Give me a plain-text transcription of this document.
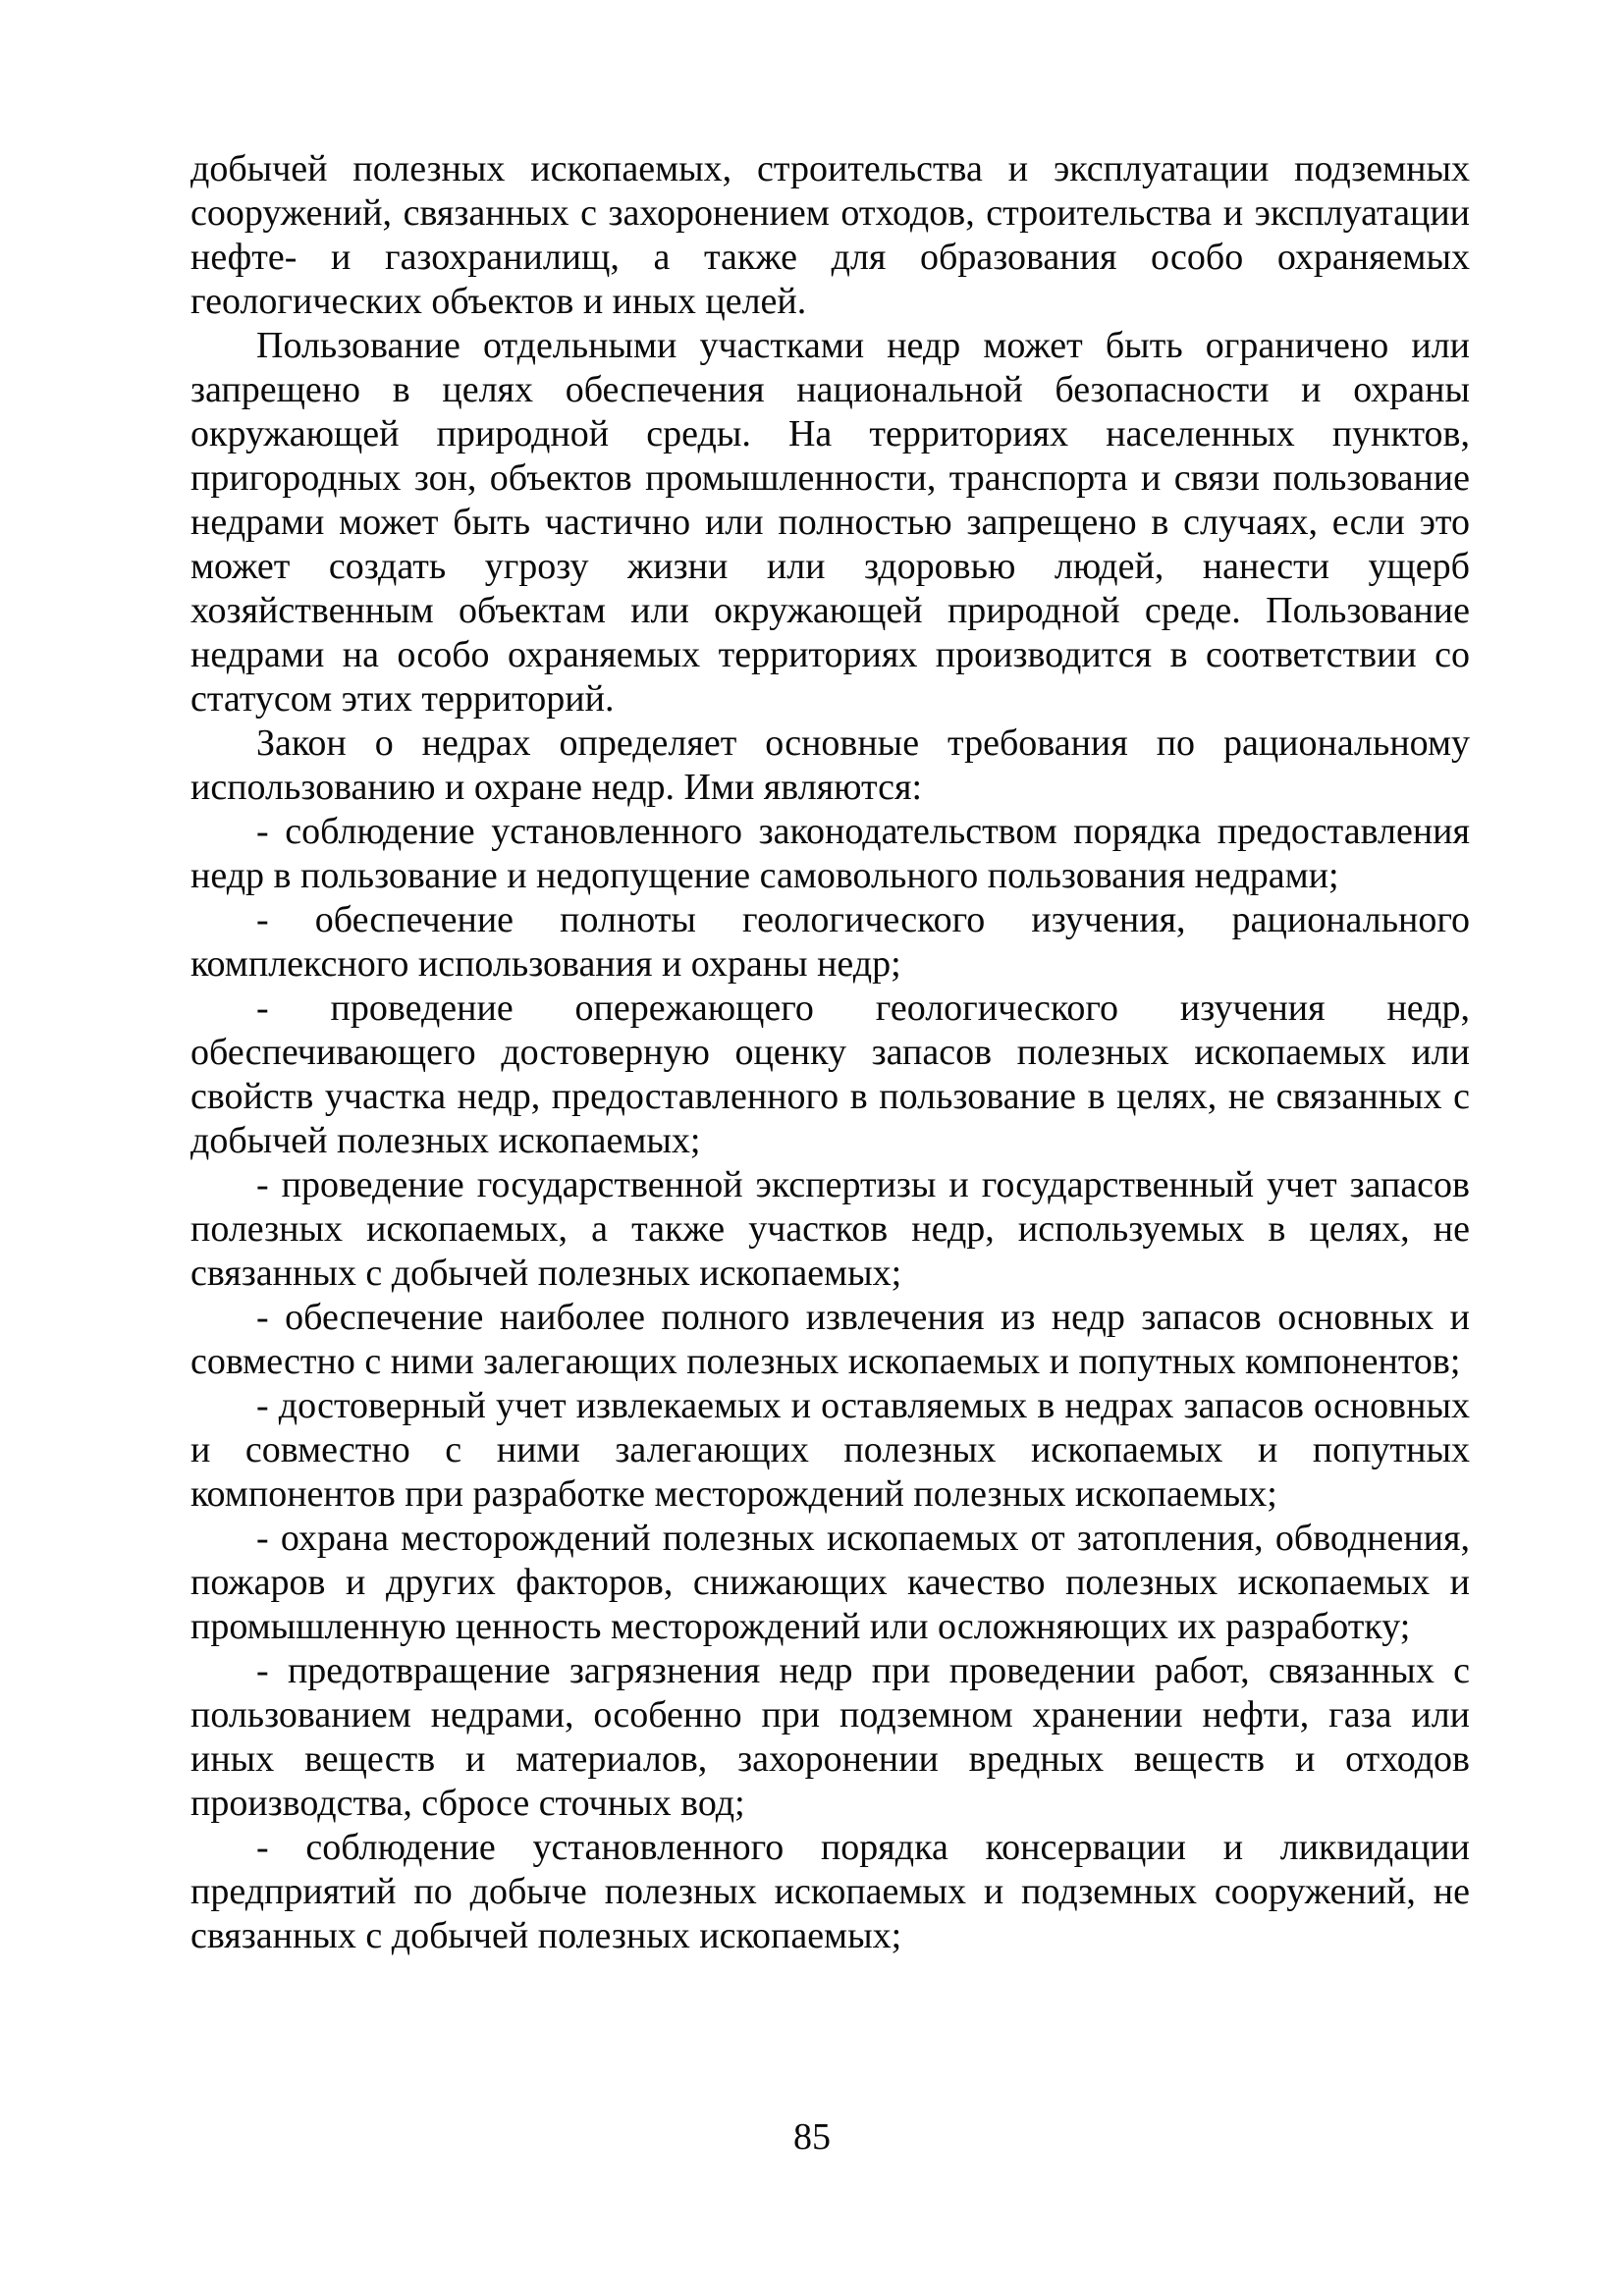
добычей полезных ископаемых, строительства и эксплуатации подземных сооружений, связанных с захоронением отходов, строительства и эксплуатации нефте- и газохранилищ, а также для образования особо охраняемых геологических объектов и иных целей.

Пользование отдельными участками недр может быть ограничено или запрещено в целях обеспечения национальной безопасности и охраны окружающей природной среды. На территориях населенных пунктов, пригородных зон, объектов промышленности, транспорта и связи пользование недрами может быть частично или полностью запрещено в случаях, если это может создать угрозу жизни или здоровью людей, нанести ущерб хозяйственным объектам или окружающей природной среде. Пользование недрами на особо охраняемых территориях производится в соответствии со статусом этих территорий.

Закон о недрах определяет основные требования по рациональному использованию и охране недр. Ими являются:

- соблюдение установленного законодательством порядка предоставления недр в пользование и недопущение самовольного пользования недрами;

- обеспечение полноты геологического изучения, рационального комплексного использования и охраны недр;

- проведение опережающего геологического изучения недр, обеспечивающего достоверную оценку запасов полезных ископаемых или свойств участка недр, предоставленного в пользование в целях, не связанных с добычей полезных ископаемых;

- проведение государственной экспертизы и государственный учет запасов полезных ископаемых, а также участков недр, используемых в целях, не связанных с добычей полезных ископаемых;

- обеспечение наиболее полного извлечения из недр запасов основных и совместно с ними залегающих полезных ископаемых и попутных компонентов;

- достоверный учет извлекаемых и оставляемых в недрах запасов основных и совместно с ними залегающих полезных ископаемых и попутных компонентов при разработке месторождений полезных ископаемых;

- охрана месторождений полезных ископаемых от затопления, обводнения, пожаров и других факторов, снижающих качество полезных ископаемых и промышленную ценность месторождений или осложняющих их разработку;

- предотвращение загрязнения недр при проведении работ, связанных с пользованием недрами, особенно при подземном хранении нефти, газа или иных веществ и материалов, захоронении вредных веществ и отходов производства, сбросе сточных вод;

- соблюдение установленного порядка консервации и ликвидации предприятий по добыче полезных ископаемых и подземных сооружений, не связанных с добычей полезных ископаемых;

85
